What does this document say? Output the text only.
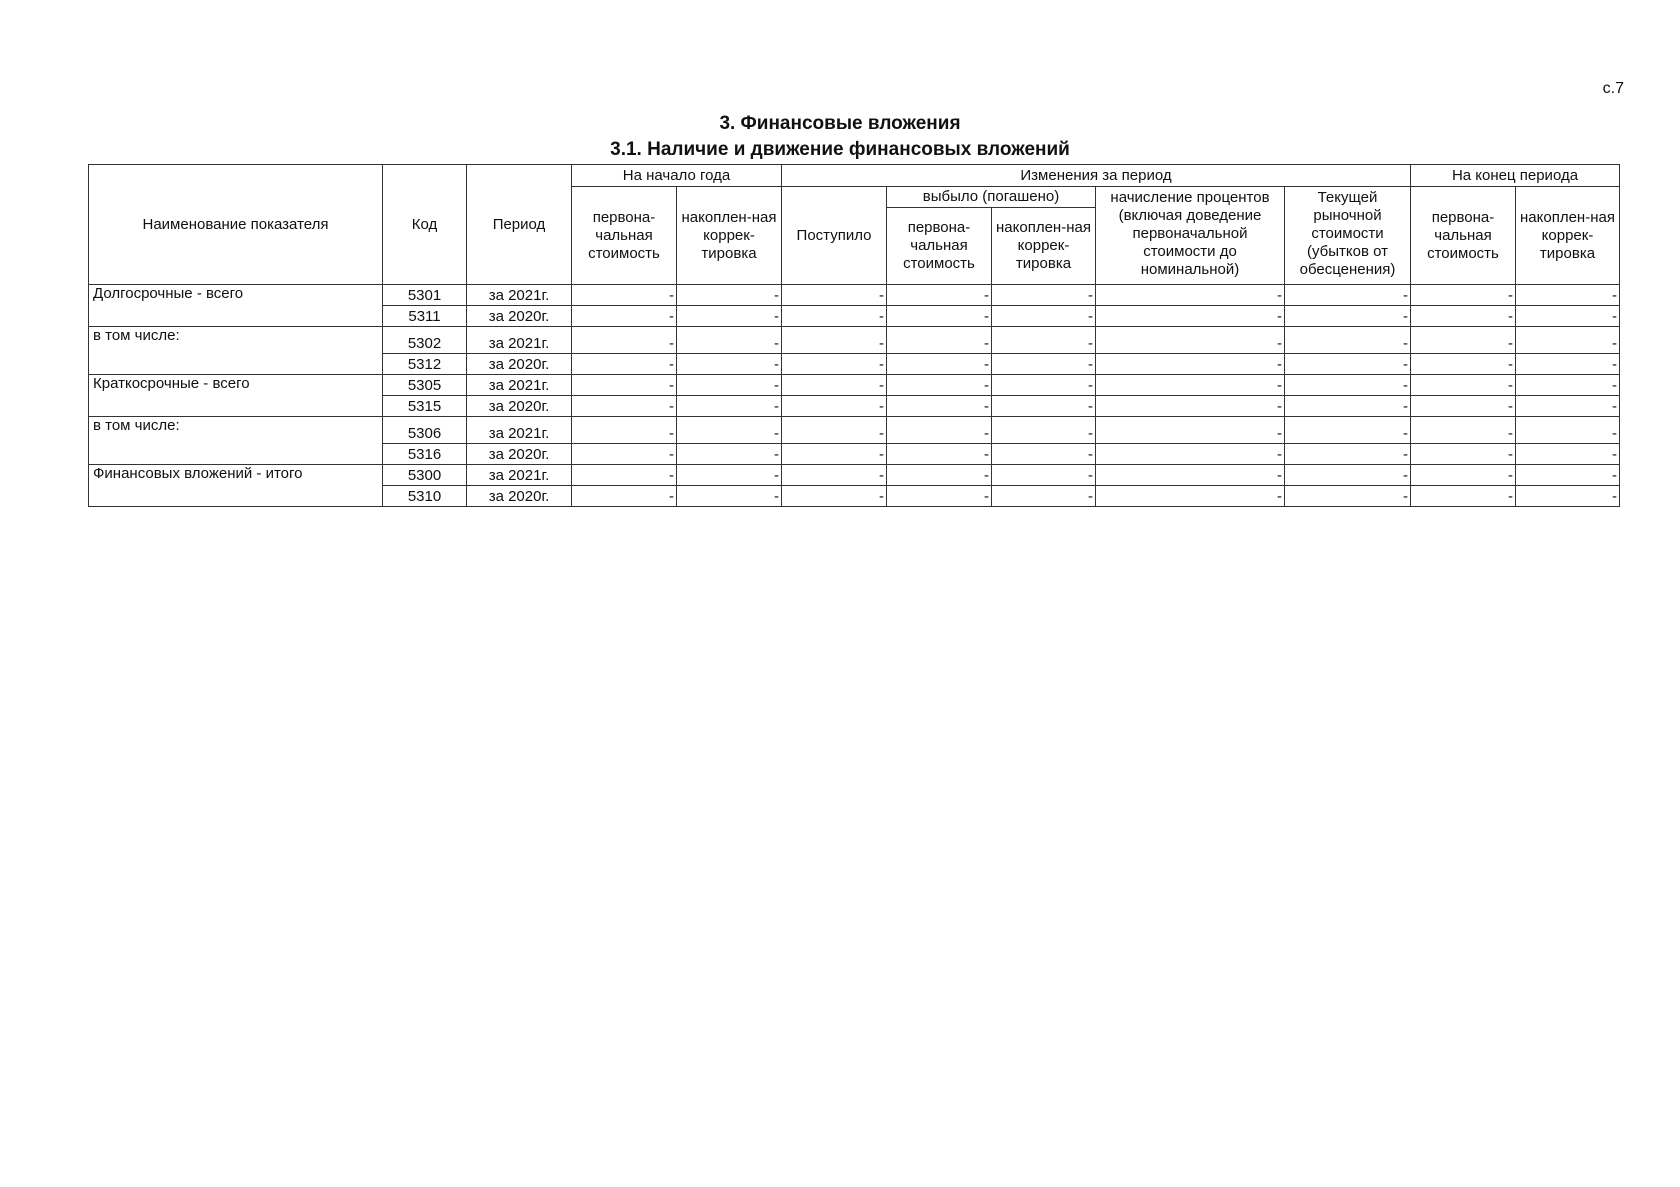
с.7
3. Финансовые вложения
3.1. Наличие и движение финансовых вложений
Наименование показателя	Код	Период	На начало года		Изменения за период					На конец периода	
			первона-чальная стоимость	накоплен-ная коррек-тировка	Поступило	выбыло (погашено)		начисление процентов (включая доведение первоначальной стоимости до номинальной)	Текущей рыночной стоимости (убытков от обесценения)	первона-чальная стоимость	накоплен-ная коррек-тировка
						первона-чальная стоимость	накоплен-ная коррек-тировка				
Долгосрочные - всего	5301	за 2021г.	-	-	-	-	-	-	-	-	-
	5311	за 2020г.	-	-	-	-	-	-	-	-	-
в том числе:	5302	за 2021г.	-	-	-	-	-	-	-	-	-
	5312	за 2020г.	-	-	-	-	-	-	-	-	-
Краткосрочные - всего	5305	за 2021г.	-	-	-	-	-	-	-	-	-
	5315	за 2020г.	-	-	-	-	-	-	-	-	-
в том числе:	5306	за 2021г.	-	-	-	-	-	-	-	-	-
	5316	за 2020г.	-	-	-	-	-	-	-	-	-
Финансовых вложений - итого	5300	за 2021г.	-	-	-	-	-	-	-	-	-
	5310	за 2020г.	-	-	-	-	-	-	-	-	-
